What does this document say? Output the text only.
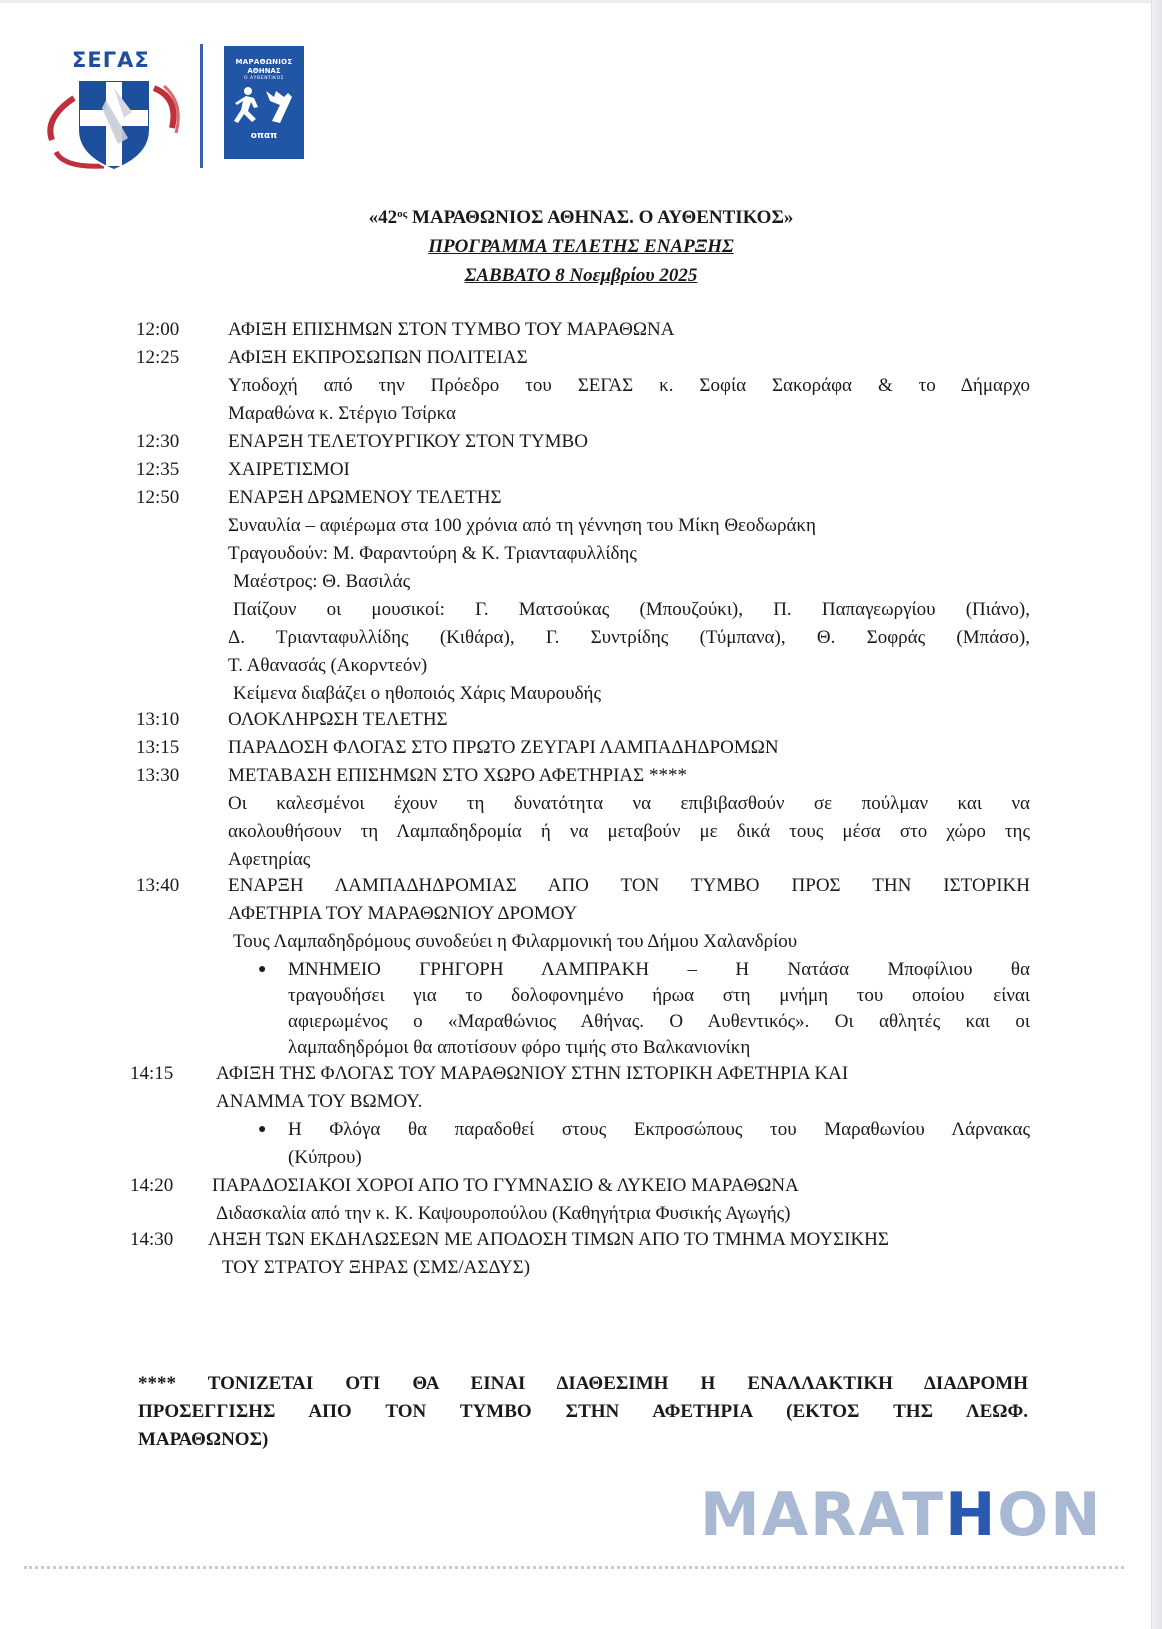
ΣΕΓΑΣ	ΜΑΡΑΘΩΝΙΟΣ
ΑΘΗΝΑΣ
Ο ΑΥΘΕΝΤΙΚΟΣ
οπαπ
«$42^{o\varsigma}$ ΜΑΡΑΘΩΝΙΟΣ ΑΘΗΝΑΣ. Ο ΑΥΘΕΝΤΙΚΟΣ»
ΠΡΟΓΡΑΜΜΑ ΤΕΛΕΤΗΣ ΕΝΑΡΞΗΣ
ΣΑΒΒΑΤΟ 8 Νοεμβρίου 2025
12:00	ΑΦΙΞΗ ΕΠΙΣΗΜΩΝ ΣΤΟΝ ΤΥΜΒΟ ΤΟΥ ΜΑΡΑΘΩΝΑ
12:25	ΑΦΙΞΗ ΕΚΠΡΟΣΩΠΩΝ ΠΟΛΙΤΕΙΑΣ
Υποδοχή από την Πρόεδρο του ΣΕΓΑΣ κ. Σοφία Σακοράφα & το Δήμαρχο
Μαραθώνα κ. Στέργιο Τσίρκα
12:30	ΕΝΑΡΞΗ ΤΕΛΕΤΟΥΡΓΙΚΟΥ ΣΤΟΝ ΤΥΜΒΟ
12:35	ΧΑΙΡΕΤΙΣΜΟΙ
12:50	ΕΝΑΡΞΗ ΔΡΩΜΕΝΟΥ ΤΕΛΕΤΗΣ
Συναυλία – αφιέρωμα στα 100 χρόνια από τη γέννηση του Μίκη Θεοδωράκη
Τραγουδούν: Μ. Φαραντούρη & Κ. Τριανταφυλλίδης
Μαέστρος: Θ. Βασιλάς
Παίζουν οι μουσικοί: Γ. Ματσούκας (Μπουζούκι), Π. Παπαγεωργίου (Πιάνο),
Δ. Τριανταφυλλίδης (Κιθάρα), Γ. Συντρίδης (Τύμπανα), Θ. Σοφράς (Μπάσο),
Τ. Αθανασάς (Ακορντεόν)
Κείμενα διαβάζει ο ηθοποιός Χάρις Μαυρουδής
13:10	ΟΛΟΚΛΗΡΩΣΗ ΤΕΛΕΤΗΣ
13:15	ΠΑΡΑΔΟΣΗ ΦΛΟΓΑΣ ΣΤΟ ΠΡΩΤΟ ΖΕΥΓΑΡΙ ΛΑΜΠΑΔΗΔΡΟΜΩΝ
13:30	ΜΕΤΑΒΑΣΗ ΕΠΙΣΗΜΩΝ ΣΤΟ ΧΩΡΟ ΑΦΕΤΗΡΙΑΣ ****
Οι καλεσμένοι έχουν τη δυνατότητα να επιβιβασθούν σε πούλμαν και να
ακολουθήσουν τη Λαμπαδηδρομία ή να μεταβούν με δικά τους μέσα στο χώρο της
Αφετηρίας
13:40	ΕΝΑΡΞΗ ΛΑΜΠΑΔΗΔΡΟΜΙΑΣ ΑΠΟ ΤΟΝ ΤΥΜΒΟ ΠΡΟΣ ΤΗΝ ΙΣΤΟΡΙΚΗ
ΑΦΕΤΗΡΙΑ ΤΟΥ ΜΑΡΑΘΩΝΙΟΥ ΔΡΟΜΟΥ
Τους Λαμπαδηδρόμους συνοδεύει η Φιλαρμονική του Δήμου Χαλανδρίου
● ΜΝΗΜΕΙΟ ΓΡΗΓΟΡΗ ΛΑΜΠΡΑΚΗ – Η Νατάσα Μποφίλιου θα
τραγουδήσει για το δολοφονημένο ήρωα στη μνήμη του οποίου είναι
αφιερωμένος ο «Μαραθώνιος Αθήνας. Ο Αυθεντικός». Οι αθλητές και οι
λαμπαδηδρόμοι θα αποτίσουν φόρο τιμής στο Βαλκανιονίκη
14:15 ΑΦΙΞΗ ΤΗΣ ΦΛΟΓΑΣ ΤΟΥ ΜΑΡΑΘΩΝΙΟΥ ΣΤΗΝ ΙΣΤΟΡΙΚΗ ΑΦΕΤΗΡΙΑ ΚΑΙ
ΑΝΑΜΜΑ ΤΟΥ ΒΩΜΟΥ.
● Η Φλόγα θα παραδοθεί στους Εκπροσώπους του Μαραθωνίου Λάρνακας
(Κύπρου)
14:20 ΠΑΡΑΔΟΣΙΑΚΟΙ ΧΟΡΟΙ ΑΠΟ ΤΟ ΓΥΜΝΑΣΙΟ & ΛΥΚΕΙΟ ΜΑΡΑΘΩΝΑ
Διδασκαλία από την κ. Κ. Καψουροπούλου (Καθηγήτρια Φυσικής Αγωγής)
14:30 ΛΗΞΗ ΤΩΝ ΕΚΔΗΛΩΣΕΩΝ ΜΕ ΑΠΟΔΟΣΗ ΤΙΜΩΝ ΑΠΟ ΤΟ ΤΜΗΜΑ ΜΟΥΣΙΚΗΣ
ΤΟΥ ΣΤΡΑΤΟΥ ΞΗΡΑΣ (ΣΜΣ/ΑΣΔΥΣ)
**** ΤΟΝΙΖΕΤΑΙ ΟΤΙ ΘΑ ΕΙΝΑΙ ΔΙΑΘΕΣΙΜΗ Η ΕΝΑΛΛΑΚΤΙΚΗ ΔΙΑΔΡΟΜΗ
ΠΡΟΣΕΓΓΙΣΗΣ ΑΠΟ ΤΟΝ ΤΥΜΒΟ ΣΤΗΝ ΑΦΕΤΗΡΙΑ (ΕΚΤΟΣ ΤΗΣ ΛΕΩΦ.
ΜΑΡΑΘΩΝΟΣ)
MARATHON
